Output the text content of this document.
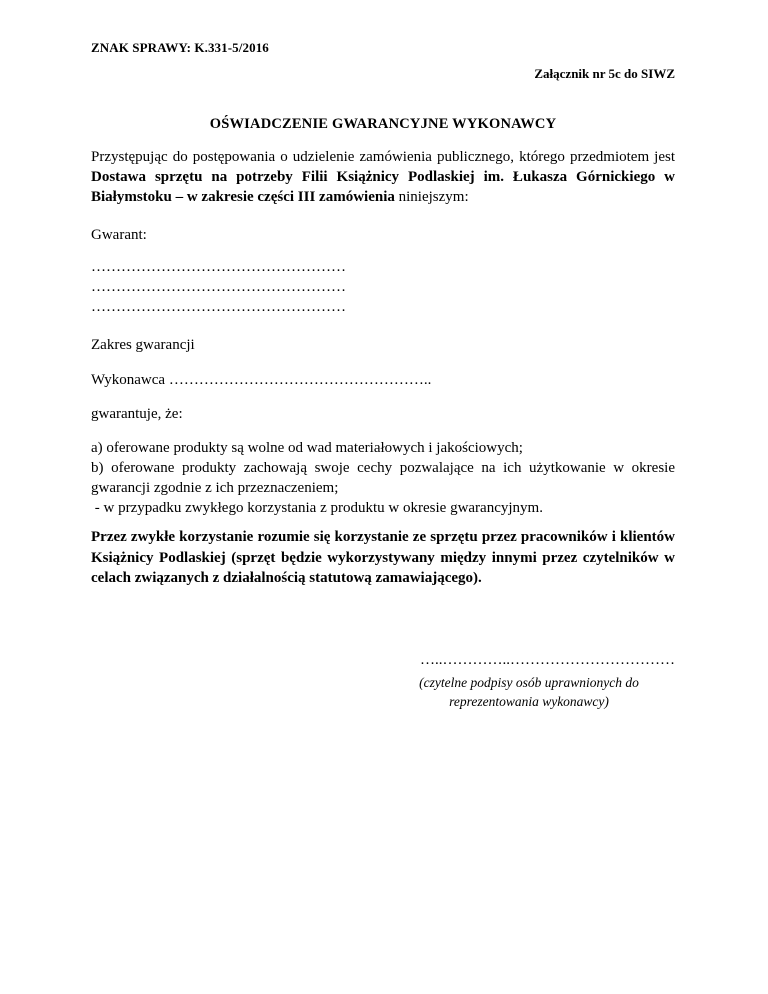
ZNAK SPRAWY: K.331-5/2016
Załącznik nr 5c do SIWZ
OŚWIADCZENIE GWARANCYJNE WYKONAWCY

Przystępując do postępowania o udzielenie zamówienia publicznego, którego przedmiotem jest Dostawa sprzętu na potrzeby Filii Książnicy Podlaskiej im. Łukasza Górnickiego w Białymstoku – w zakresie części III zamówienia niniejszym:

Gwarant:

……………………………………………
……………………………………………
……………………………………………

Zakres gwarancji

Wykonawca ……………………………………………..

gwarantuje, że:

a) oferowane produkty są wolne od wad materiałowych i jakościowych;
b) oferowane produkty zachowają swoje cechy pozwalające na ich użytkowanie w okresie
gwarancji zgodnie z ich przeznaczeniem;
- w przypadku zwykłego korzystania z produktu w okresie gwarancyjnym.

Przez zwykłe korzystanie rozumie się korzystanie ze sprzętu przez pracowników i klientów Książnicy Podlaskiej (sprzęt będzie wykorzystywany między innymi przez czytelników w celach związanych z działalnością statutową zamawiającego).

…..…………..……………………………
(czytelne podpisy osób uprawnionych do
reprezentowania wykonawcy)
